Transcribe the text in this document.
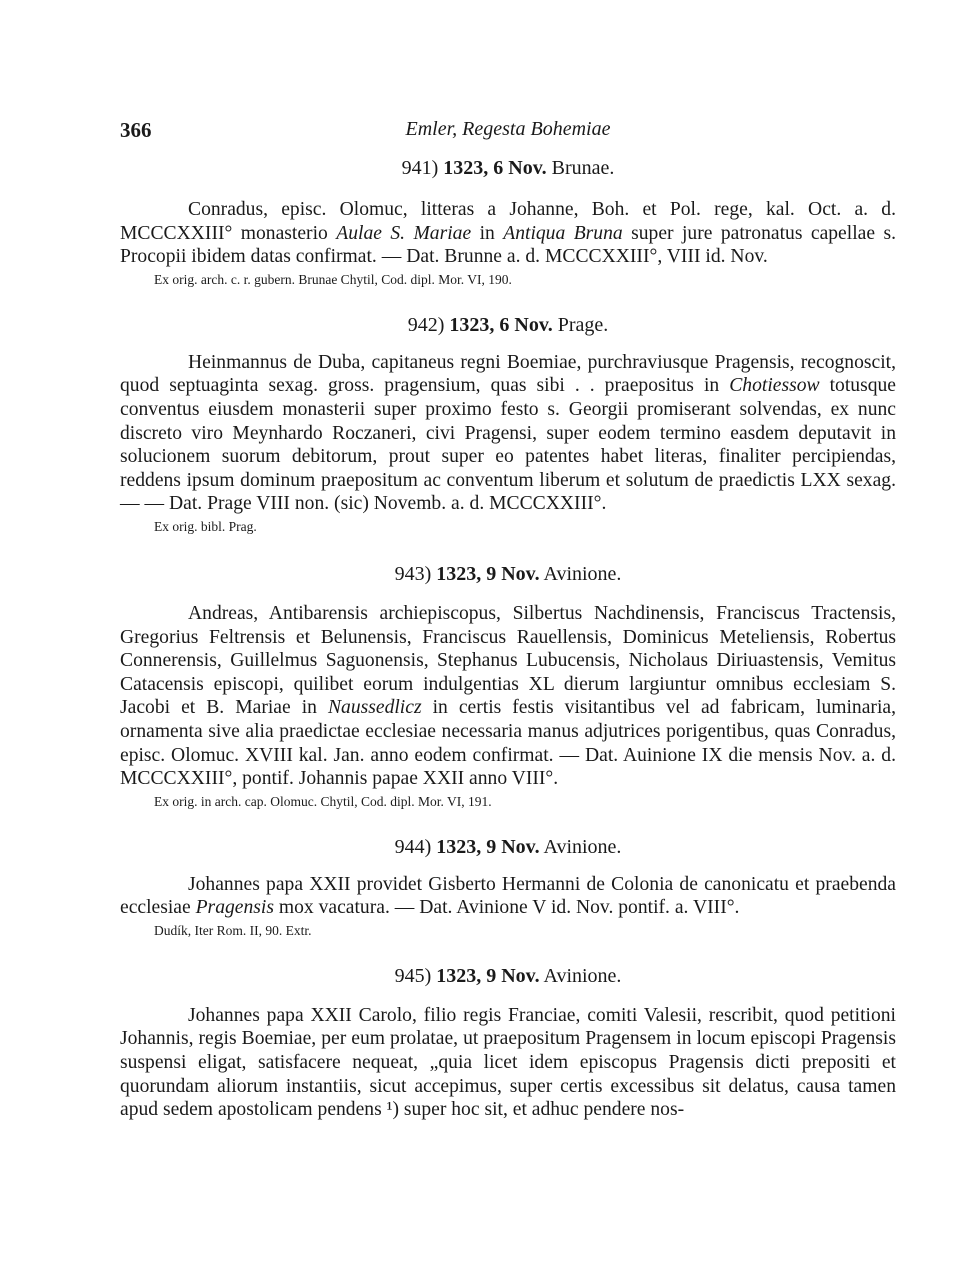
366	Emler, Regesta Bohemiae

941) 1323, 6 Nov. Brunae.

Conradus, episc. Olomuc, litteras a Johanne, Boh. et Pol. rege, kal. Oct. a. d. MCCCXXIII° monasterio Aulae S. Mariae in Antiqua Bruna super jure patronatus capellae s. Procopii ibidem datas confirmat. — Dat. Brunne a. d. MCCCXXIII°, VIII id. Nov.

Ex orig. arch. c. r. gubern. Brunae Chytil, Cod. dipl. Mor. VI, 190.

942) 1323, 6 Nov. Prage.

Heinmannus de Duba, capitaneus regni Boemiae, purchraviusque Pragensis, recognoscit, quod septuaginta sexag. gross. pragensium, quas sibi . . praepositus in Chotiessow totusque conventus eiusdem monasterii super proximo festo s. Georgii promiserant solvendas, ex nunc discreto viro Meynhardo Roczaneri, civi Pragensi, super eodem termino easdem deputavit in solucionem suorum debitorum, prout super eo patentes habet literas, finaliter percipiendas, reddens ipsum dominum praepositum ac conventum liberum et solutum de praedictis LXX sexag. — — Dat. Prage VIII non. (sic) Novemb. a. d. MCCCXXIII°.

Ex orig. bibl. Prag.

943) 1323, 9 Nov. Avinione.

Andreas, Antibarensis archiepiscopus, Silbertus Nachdinensis, Franciscus Tractensis, Gregorius Feltrensis et Belunensis, Franciscus Rauellensis, Dominicus Meteliensis, Robertus Connerensis, Guillelmus Saguonensis, Stephanus Lubucensis, Nicholaus Diriuastensis, Vemitus Catacensis episcopi, quilibet eorum indulgentias XL dierum largiuntur omnibus ecclesiam S. Jacobi et B. Mariae in Naussedlicz in certis festis visitantibus vel ad fabricam, luminaria, ornamenta sive alia praedictae ecclesiae necessaria manus adjutrices porigentibus, quas Conradus, episc. Olomuc. XVIII kal. Jan. anno eodem confirmat. — Dat. Auinione IX die mensis Nov. a. d. MCCCXXIII°, pontif. Johannis papae XXII anno VIII°.

Ex orig. in arch. cap. Olomuc. Chytil, Cod. dipl. Mor. VI, 191.

944) 1323, 9 Nov. Avinione.

Johannes papa XXII providet Gisberto Hermanni de Colonia de canonicatu et praebenda ecclesiae Pragensis mox vacatura. — Dat. Avinione V id. Nov. pontif. a. VIII°.

Dudík, Iter Rom. II, 90. Extr.

945) 1323, 9 Nov. Avinione.

Johannes papa XXII Carolo, filio regis Franciae, comiti Valesii, rescribit, quod petitioni Johannis, regis Boemiae, per eum prolatae, ut praepositum Pragensem in locum episcopi Pragensis suspensi eligat, satisfacere nequeat, „quia licet idem episcopus Pragensis dicti prepositi et quorundam aliorum instantiis, sicut accepimus, super certis excessibus sit delatus, causa tamen apud sedem apostolicam pendens ¹) super hoc sit, et adhuc pendere nos-
